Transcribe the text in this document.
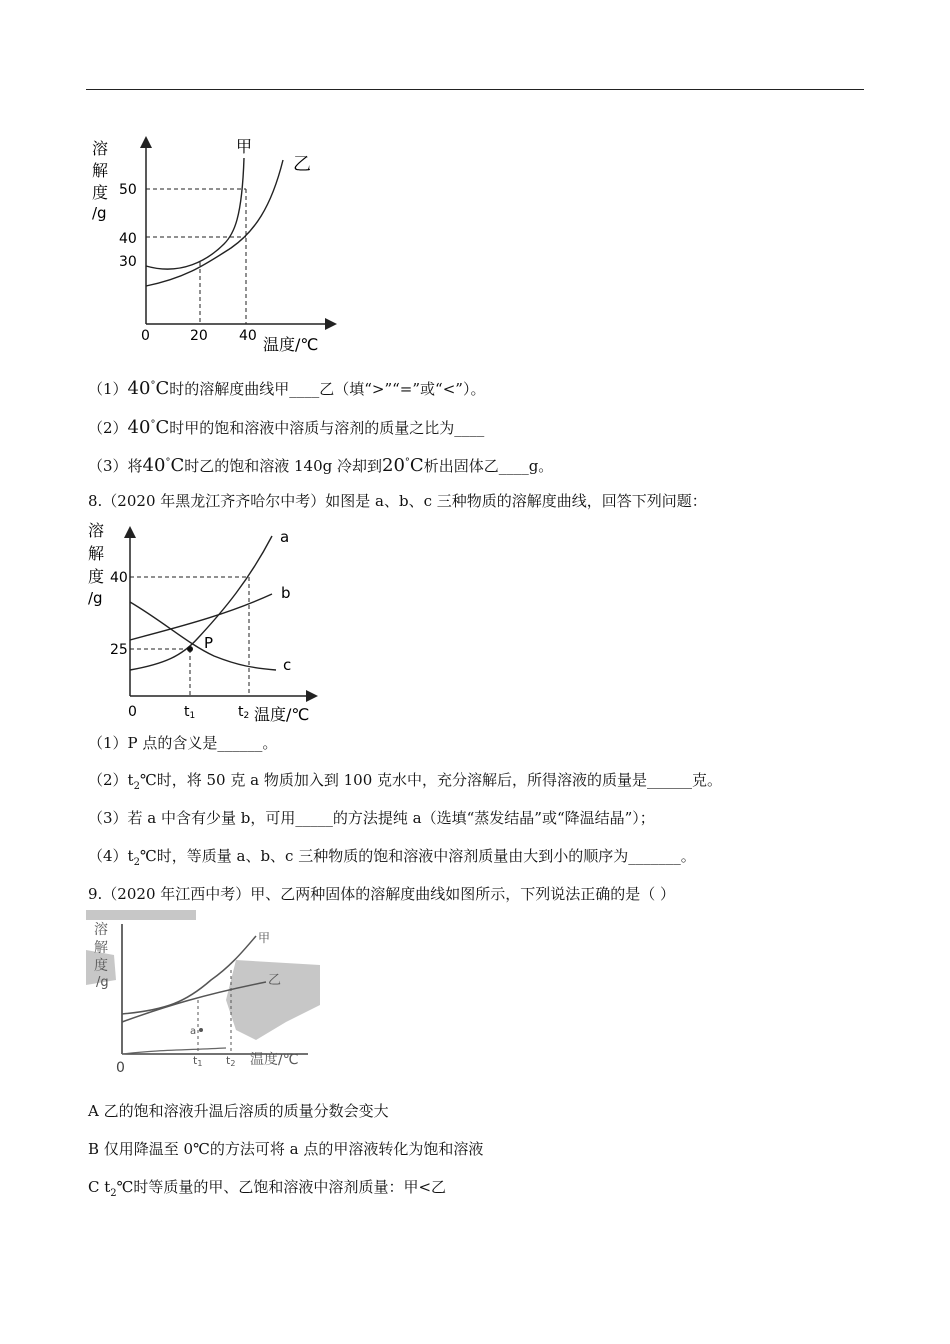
溶
解
度
/g
50
40
30
0	20 40 温度/℃
甲
乙
（1）40°C时的溶解度曲线甲____乙（填“>”“=”或“<”）。
（2）40°C时甲的饱和溶液中溶质与溶剂的质量之比为____
（3）将40°C时乙的饱和溶液 140g 冷却到20°C析出固体乙____g。
8.（2020 年黑龙江齐齐哈尔中考）如图是 a、b、c 三种物质的溶解度曲线，回答下列问题：
溶
解
度
/g
40
25
0	t1	t2 温度/℃
P
a
b
c
（1）P 点的含义是______。
$(2)t_2℃$时，将 50 克 a 物质加入到 100 克水中，充分溶解后，所得溶液的质量是______克。
（3）若 a 中含有少量 b，可用_____的方法提纯 a（选填“蒸发结晶”或“降温结晶”）；
$(4)t_2℃$时，等质量 a、b、c 三种物质的饱和溶液中溶剂质量由大到小的顺序为_______。
9.（2020 年江西中考）甲、乙两种固体的溶解度曲线如图所示，下列说法正确的是（ ）
溶
解
度
/g
0	t1 t2 温度/℃
a
甲
乙
A 乙的饱和溶液升温后溶质的质量分数会变大
B 仅用降温至 0℃的方法可将 a 点的甲溶液转化为饱和溶液
C $t_2℃$时等质量的甲、乙饱和溶液中溶剂质量：甲<乙
